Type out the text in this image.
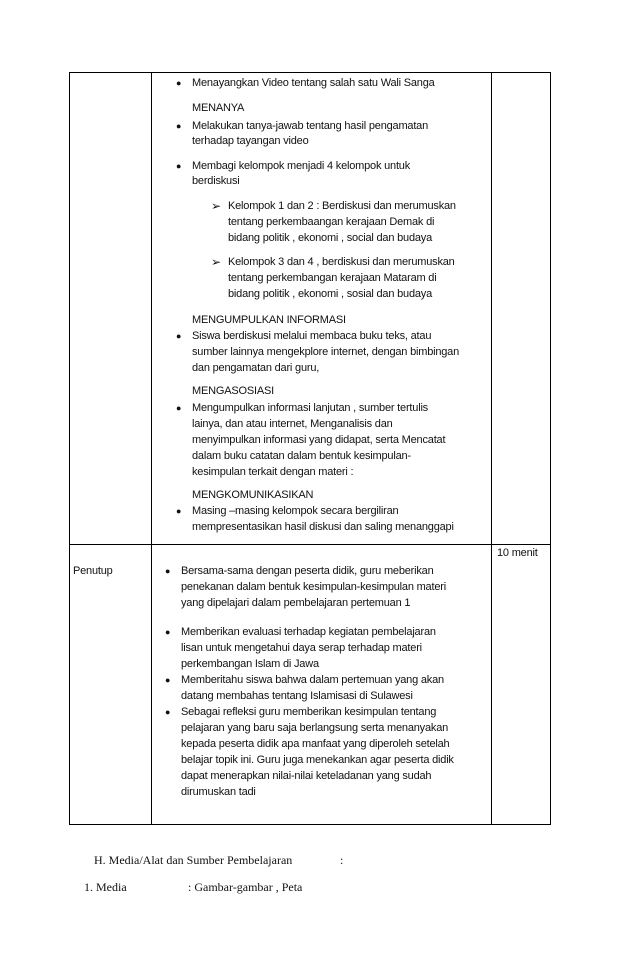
● Menayangkan Video tentang salah satu Wali Sanga
MENANYA
● Melakukan tanya-jawab tentang hasil pengamatan
terhadap tayangan video
● Membagi kelompok menjadi 4 kelompok untuk
berdiskusi
➢ Kelompok 1 dan 2 : Berdiskusi dan merumuskan
tentang perkembaangan kerajaan Demak di
bidang politik , ekonomi , social dan budaya
➢ Kelompok 3 dan 4 , berdiskusi dan merumuskan
tentang perkembangan kerajaan Mataram di
bidang politik , ekonomi , sosial dan budaya
MENGUMPULKAN INFORMASI
● Siswa berdiskusi melalui membaca buku teks, atau
sumber lainnya mengekplore internet, dengan bimbingan
dan pengamatan dari guru,
MENGASOSIASI
● Mengumpulkan informasi lanjutan , sumber tertulis
lainya, dan atau internet, Menganalisis dan
menyimpulkan informasi yang didapat, serta Mencatat
dalam buku catatan dalam bentuk kesimpulan-
kesimpulan terkait dengan materi :
MENGKOMUNIKASIKAN
● Masing –masing kelompok secara bergiliran
mempresentasikan hasil diskusi dan saling menanggapi
Penutup
10 menit
● Bersama-sama dengan peserta didik, guru meberikan
penekanan dalam bentuk kesimpulan-kesimpulan materi
yang dipelajari dalam pembelajaran pertemuan 1
● Memberikan evaluasi terhadap kegiatan pembelajaran
lisan untuk mengetahui daya serap terhadap materi
perkembangan Islam di Jawa
● Memberitahu siswa bahwa dalam pertemuan yang akan
datang membahas tentang Islamisasi di Sulawesi
● Sebagai refleksi guru memberikan kesimpulan tentang
pelajaran yang baru saja berlangsung serta menanyakan
kepada peserta didik apa manfaat yang diperoleh setelah
belajar topik ini. Guru juga menekankan agar peserta didik
dapat menerapkan nilai-nilai keteladanan yang sudah
dirumuskan tadi
H. Media/Alat dan Sumber Pembelajaran	:
1. Media	: Gambar-gambar , Peta
